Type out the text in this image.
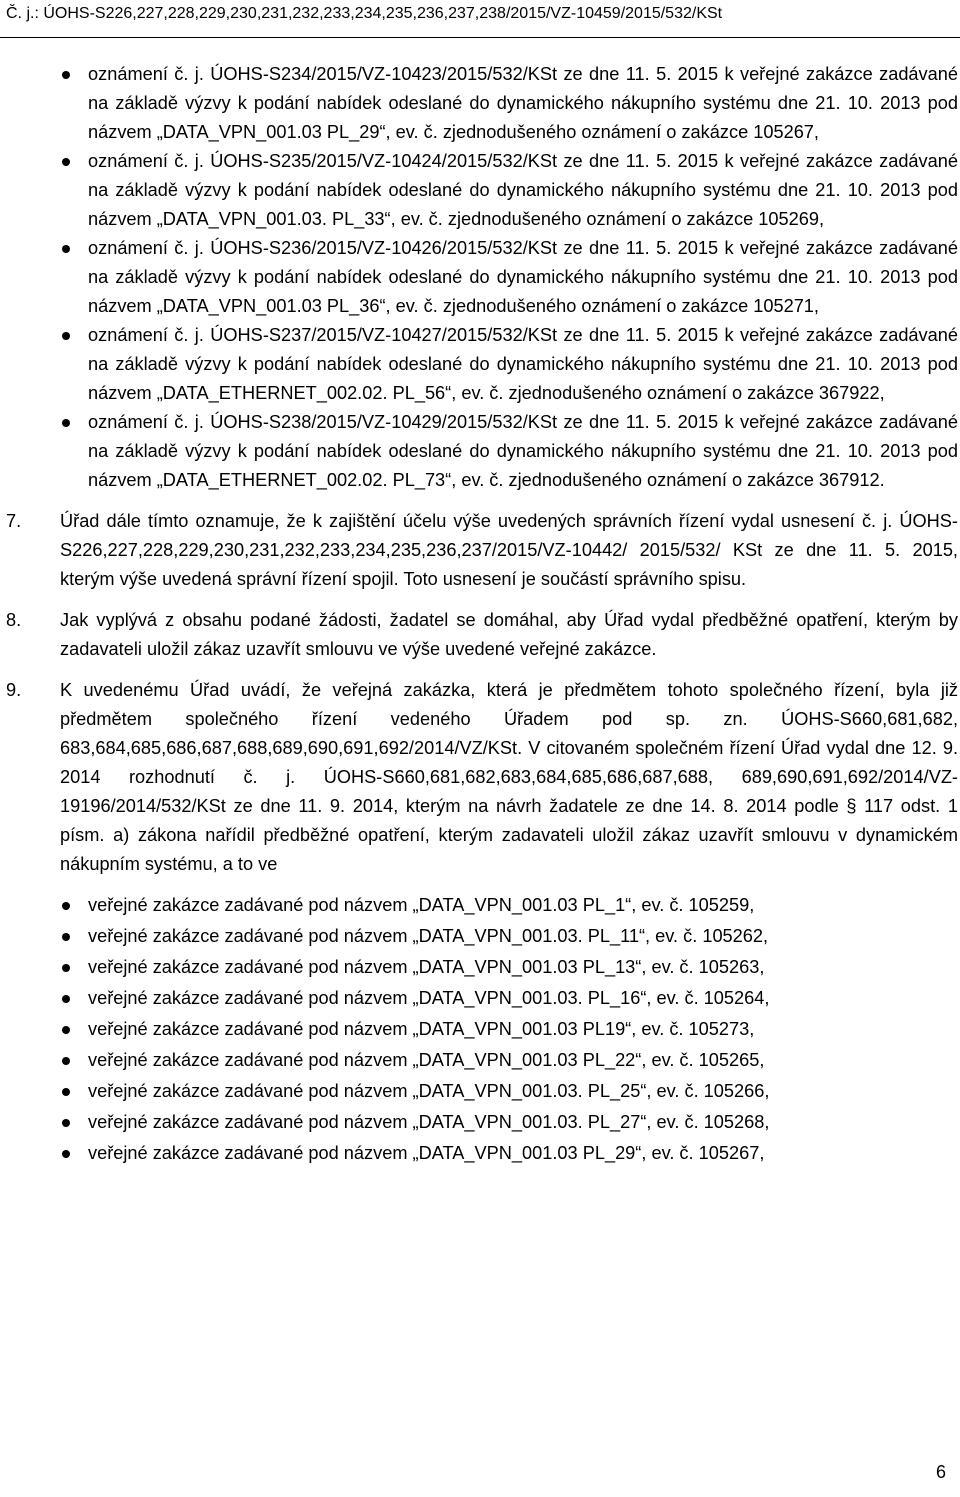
Č. j.: ÚOHS-S226,227,228,229,230,231,232,233,234,235,236,237,238/2015/VZ-10459/2015/532/KSt
oznámení č. j. ÚOHS-S234/2015/VZ-10423/2015/532/KSt ze dne 11. 5. 2015 k veřejné zakázce zadávané na základě výzvy k podání nabídek odeslané do dynamického nákupního systému dne 21. 10. 2013 pod názvem „DATA_VPN_001.03 PL_29“, ev. č. zjednodušeného oznámení o zakázce 105267,
oznámení č. j. ÚOHS-S235/2015/VZ-10424/2015/532/KSt ze dne 11. 5. 2015 k veřejné zakázce zadávané na základě výzvy k podání nabídek odeslané do dynamického nákupního systému dne 21. 10. 2013 pod názvem „DATA_VPN_001.03. PL_33“, ev. č. zjednodušeného oznámení o zakázce 105269,
oznámení č. j. ÚOHS-S236/2015/VZ-10426/2015/532/KSt ze dne 11. 5. 2015 k veřejné zakázce zadávané na základě výzvy k podání nabídek odeslané do dynamického nákupního systému dne 21. 10. 2013 pod názvem „DATA_VPN_001.03 PL_36“, ev. č. zjednodušeného oznámení o zakázce 105271,
oznámení č. j. ÚOHS-S237/2015/VZ-10427/2015/532/KSt ze dne 11. 5. 2015 k veřejné zakázce zadávané na základě výzvy k podání nabídek odeslané do dynamického nákupního systému dne 21. 10. 2013 pod názvem „DATA_ETHERNET_002.02. PL_56“, ev. č. zjednodušeného oznámení o zakázce 367922,
oznámení č. j. ÚOHS-S238/2015/VZ-10429/2015/532/KSt ze dne 11. 5. 2015 k veřejné zakázce zadávané na základě výzvy k podání nabídek odeslané do dynamického nákupního systému dne 21. 10. 2013 pod názvem „DATA_ETHERNET_002.02. PL_73“, ev. č. zjednodušeného oznámení o zakázce 367912.
7. Úřad dále tímto oznamuje, že k zajištění účelu výše uvedených správních řízení vydal usnesení č. j. ÚOHS-S226,227,228,229,230,231,232,233,234,235,236,237/2015/VZ-10442/ 2015/532/ KSt ze dne 11. 5. 2015, kterým výše uvedená správní řízení spojil. Toto usnesení je součástí správního spisu.
8. Jak vyplývá z obsahu podané žádosti, žadatel se domáhal, aby Úřad vydal předběžné opatření, kterým by zadavateli uložil zákaz uzavřít smlouvu ve výše uvedené veřejné zakázce.
9. K uvedenému Úřad uvádí, že veřejná zakázka, která je předmětem tohoto společného řízení, byla již předmětem společného řízení vedeného Úřadem pod sp. zn. ÚOHS-S660,681,682, 683,684,685,686,687,688,689,690,691,692/2014/VZ/KSt. V citovaném společném řízení Úřad vydal dne 12. 9. 2014 rozhodnutí č. j. ÚOHS-S660,681,682,683,684,685,686,687,688, 689,690,691,692/2014/VZ-19196/2014/532/KSt ze dne 11. 9. 2014, kterým na návrh žadatele ze dne 14. 8. 2014 podle § 117 odst. 1 písm. a) zákona nařídil předběžné opatření, kterým zadavateli uložil zákaz uzavřít smlouvu v dynamickém nákupním systému, a to ve
veřejné zakázce zadávané pod názvem „DATA_VPN_001.03 PL_1“, ev. č. 105259,
veřejné zakázce zadávané pod názvem „DATA_VPN_001.03. PL_11“, ev. č. 105262,
veřejné zakázce zadávané pod názvem „DATA_VPN_001.03 PL_13“, ev. č. 105263,
veřejné zakázce zadávané pod názvem „DATA_VPN_001.03. PL_16“, ev. č. 105264,
veřejné zakázce zadávané pod názvem „DATA_VPN_001.03 PL19“, ev. č. 105273,
veřejné zakázce zadávané pod názvem „DATA_VPN_001.03 PL_22“, ev. č. 105265,
veřejné zakázce zadávané pod názvem „DATA_VPN_001.03. PL_25“, ev. č. 105266,
veřejné zakázce zadávané pod názvem „DATA_VPN_001.03. PL_27“, ev. č. 105268,
veřejné zakázce zadávané pod názvem „DATA_VPN_001.03 PL_29“, ev. č. 105267,
6
